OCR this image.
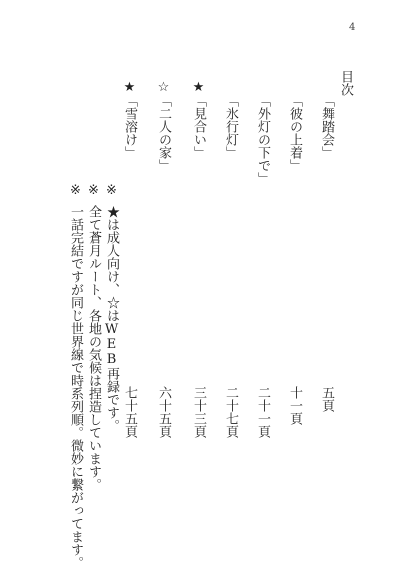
4
目次
「舞踏会」
五頁
「彼の上着」
十一頁
「外灯の下で」
二十一頁
「氷行灯」
二十七頁
★
「見合い」
三十三頁
☆
「二人の家」
六十五頁
★
「雪溶け」
七十五頁
※
★は成人向け、☆はWEB再録です。
※
全て蒼月ルート、各地の気候は捏造しています。
※
一話完結ですが同じ世界線で時系列順。微妙に繋がってます。
